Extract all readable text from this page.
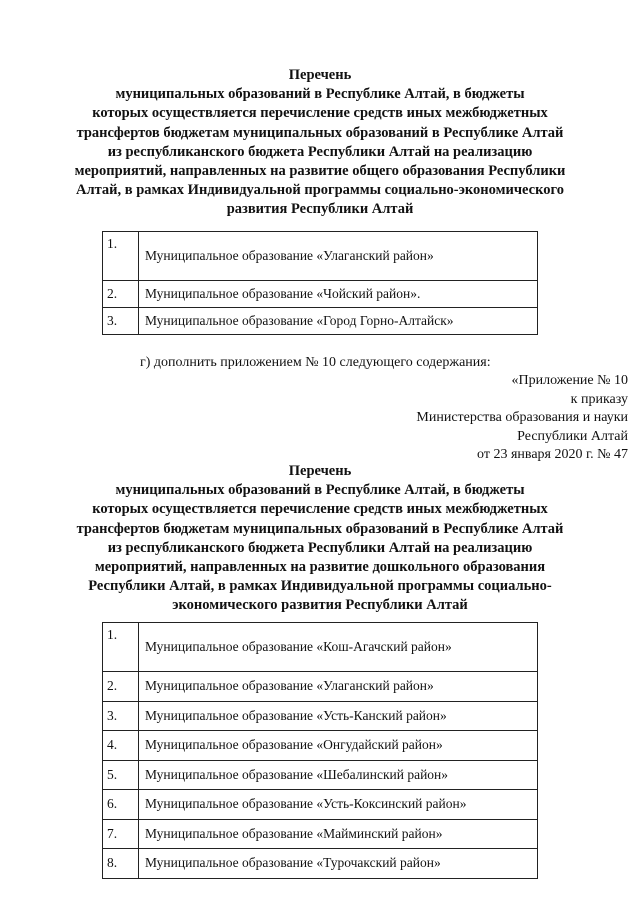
Перечень
муниципальных образований в Республике Алтай, в бюджеты
которых осуществляется перечисление средств иных межбюджетных
трансфертов бюджетам муниципальных образований в Республике Алтай
из республиканского бюджета Республики Алтай на реализацию
мероприятий, направленных на развитие общего образования Республики
Алтай, в рамках Индивидуальной программы социально-экономического
развития Республики Алтай
1.	Муниципальное образование «Улаганский район»
2.	Муниципальное образование «Чойский район».
3.	Муниципальное образование «Город Горно-Алтайск»
г) дополнить приложением № 10 следующего содержания:
«Приложение № 10
к приказу
Министерства образования и науки
Республики Алтай
от 23 января 2020 г. № 47
Перечень
муниципальных образований в Республике Алтай, в бюджеты
которых осуществляется перечисление средств иных межбюджетных
трансфертов бюджетам муниципальных образований в Республике Алтай
из республиканского бюджета Республики Алтай на реализацию
мероприятий, направленных на развитие дошкольного образования
Республики Алтай, в рамках Индивидуальной программы социально-
экономического развития Республики Алтай
1.	Муниципальное образование «Кош-Агачский район»
2.	Муниципальное образование «Улаганский район»
3.	Муниципальное образование «Усть-Канский район»
4.	Муниципальное образование «Онгудайский район»
5.	Муниципальное образование «Шебалинский район»
6.	Муниципальное образование «Усть-Коксинский район»
7.	Муниципальное образование «Майминский район»
8.	Муниципальное образование «Турочакский район»
